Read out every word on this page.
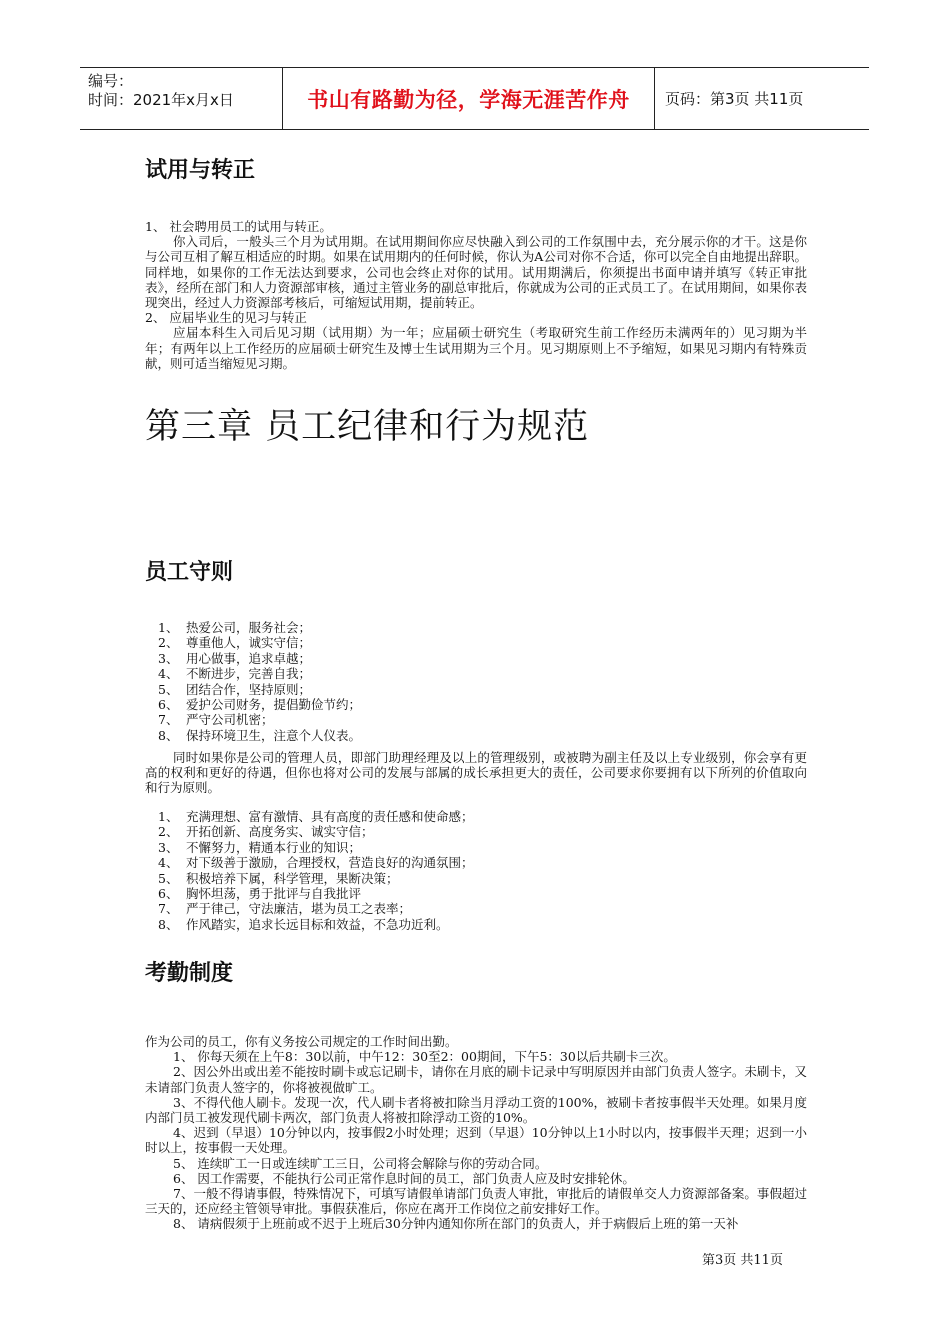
编号：
时间：2021年x月x日	书山有路勤为径，学海无涯苦作舟	页码：第3页 共11页
试用与转正

1、 社会聘用员工的试用与转正。

你入司后，一般头三个月为试用期。在试用期间你应尽快融入到公司的工作氛围中去，充分展示你的才干。这是你与公司互相了解互相适应的时期。如果在试用期内的任何时候，你认为A公司对你不合适，你可以完全自由地提出辞职。同样地，如果你的工作无法达到要求，公司也会终止对你的试用。试用期满后，你须提出书面申请并填写《转正审批表》，经所在部门和人力资源部审核，通过主管业务的副总审批后，你就成为公司的正式员工了。在试用期间，如果你表现突出，经过人力资源部考核后，可缩短试用期，提前转正。

2、 应届毕业生的见习与转正

应届本科生入司后见习期（试用期）为一年；应届硕士研究生（考取研究生前工作经历未满两年的）见习期为半年；有两年以上工作经历的应届硕士研究生及博士生试用期为三个月。见习期原则上不予缩短，如果见习期内有特殊贡献，则可适当缩短见习期。

第三章 员工纪律和行为规范
员工守则
1、 热爱公司，服务社会；
2、 尊重他人，诚实守信；
3、 用心做事，追求卓越；
4、 不断进步，完善自我；
5、 团结合作，坚持原则；
6、 爱护公司财务，提倡勤俭节约；
7、 严守公司机密；
8、 保持环境卫生，注意个人仪表。

同时如果你是公司的管理人员，即部门助理经理及以上的管理级别，或被聘为副主任及以上专业级别，你会享有更高的权利和更好的待遇，但你也将对公司的发展与部属的成长承担更大的责任，公司要求你要拥有以下所列的价值取向和行为原则。

1、 充满理想、富有激情、具有高度的责任感和使命感；
2、 开拓创新、高度务实、诚实守信；
3、 不懈努力，精通本行业的知识；
4、 对下级善于激励，合理授权，营造良好的沟通氛围；
5、 积极培养下属，科学管理，果断决策；
6、 胸怀坦荡，勇于批评与自我批评
7、 严于律己，守法廉洁，堪为员工之表率；
8、 作风踏实，追求长远目标和效益，不急功近利。
考勤制度

作为公司的员工，你有义务按公司规定的工作时间出勤。

1、 你每天须在上午8：30以前，中午12：30至2：00期间，下午5：30以后共刷卡三次。

2、因公外出或出差不能按时刷卡或忘记刷卡，请你在月底的刷卡记录中写明原因并由部门负责人签字。未刷卡，又未请部门负责人签字的，你将被视做旷工。

3、不得代他人刷卡。发现一次，代人刷卡者将被扣除当月浮动工资的100%，被刷卡者按事假半天处理。如果月度内部门员工被发现代刷卡两次，部门负责人将被扣除浮动工资的10%。

4、迟到（早退）10分钟以内，按事假2小时处理；迟到（早退）10分钟以上1小时以内，按事假半天理；迟到一小时以上，按事假一天处理。

5、 连续旷工一日或连续旷工三日，公司将会解除与你的劳动合同。

6、 因工作需要，不能执行公司正常作息时间的员工，部门负责人应及时安排轮休。

7、一般不得请事假，特殊情况下，可填写请假单请部门负责人审批，审批后的请假单交人力资源部备案。事假超过三天的，还应经主管领导审批。事假获准后，你应在离开工作岗位之前安排好工作。

8、 请病假须于上班前或不迟于上班后30分钟内通知你所在部门的负责人，并于病假后上班的第一天补

第3页 共11页
